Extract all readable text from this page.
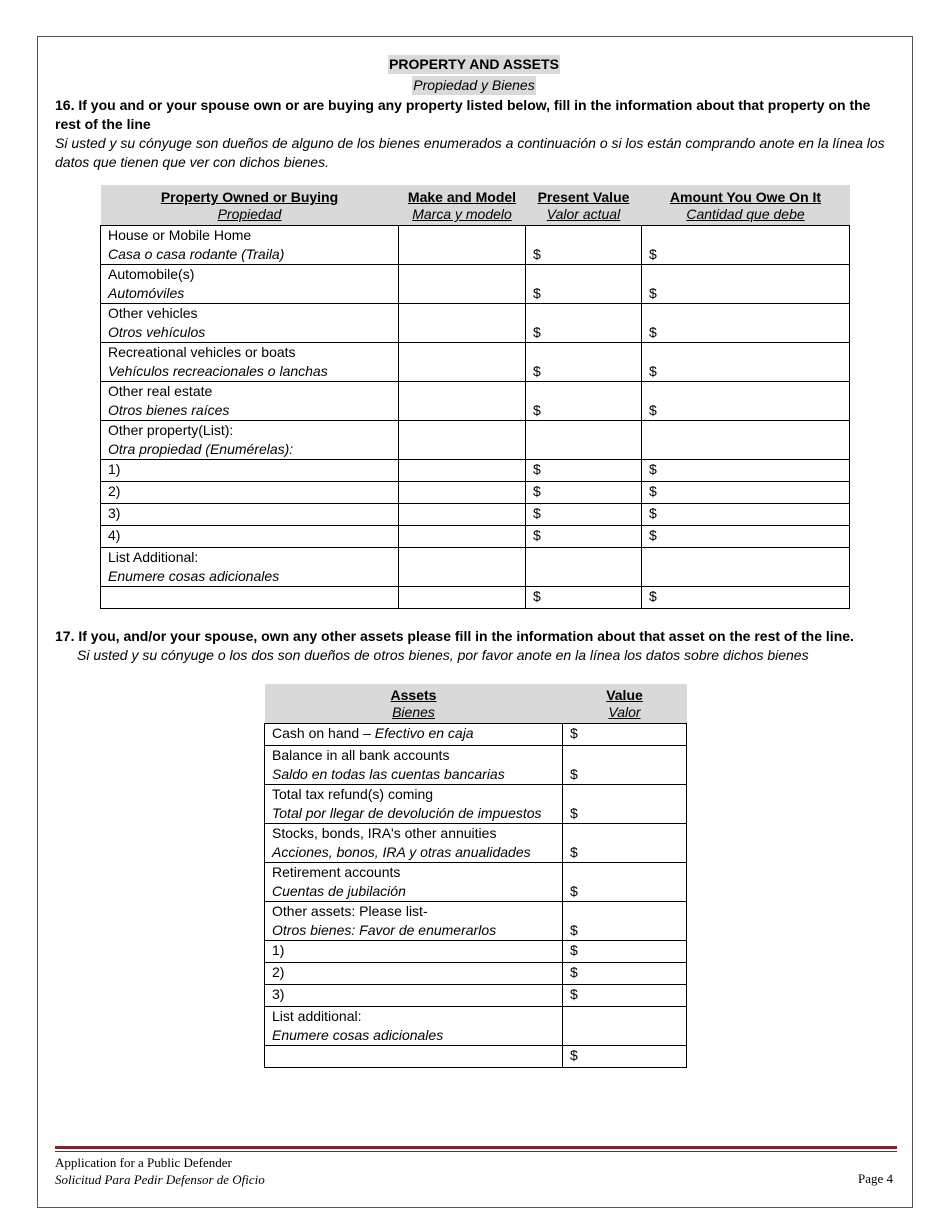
PROPERTY AND ASSETS
Propiedad y Bienes
16. If you and or your spouse own or are buying any property listed below, fill in the information about that property on the rest of the line
Si usted y su cónyuge son dueños de alguno de los bienes enumerados a continuación o si los están comprando anote en la línea los datos que tienen que ver con dichos bienes.
Property Owned or Buying	Make and Model	Present Value	Amount You Owe On It
Propiedad	Marca y modelo	Valor actual	Cantidad que debe
House or Mobile Home
Casa o casa rodante (Traila)		$	$
Automobile(s)
Automóviles		$	$
Other vehicles
Otros vehículos		$	$
Recreational vehicles or boats
Vehículos recreacionales o lanchas		$	$
Other real estate
Otros bienes raíces		$	$
Other property(List):
Otra propiedad (Enumérelas):			
1)		$	$
2)		$	$
3)		$	$
4)		$	$
List Additional:
Enumere cosas adicionales			
		$	$
17. If you, and/or your spouse, own any other assets please fill in the information about that asset on the rest of the line.
Si usted y su cónyuge o los dos son dueños de otros bienes, por favor anote en la línea los datos sobre dichos bienes
Assets	Value
Bienes	Valor
Cash on hand – Efectivo en caja	$
Balance in all bank accounts
Saldo en todas las cuentas bancarias	$
Total tax refund(s) coming
Total por llegar de devolución de impuestos	$
Stocks, bonds, IRA's other annuities
Acciones, bonos, IRA y otras anualidades	$
Retirement accounts
Cuentas de jubilación	$
Other assets: Please list-
Otros bienes: Favor de enumerarlos	$
1)	$
2)	$
3)	$
List additional:
Enumere cosas adicionales	
	$
Application for a Public Defender
Solicitud Para Pedir Defensor de Oficio	Page 4
